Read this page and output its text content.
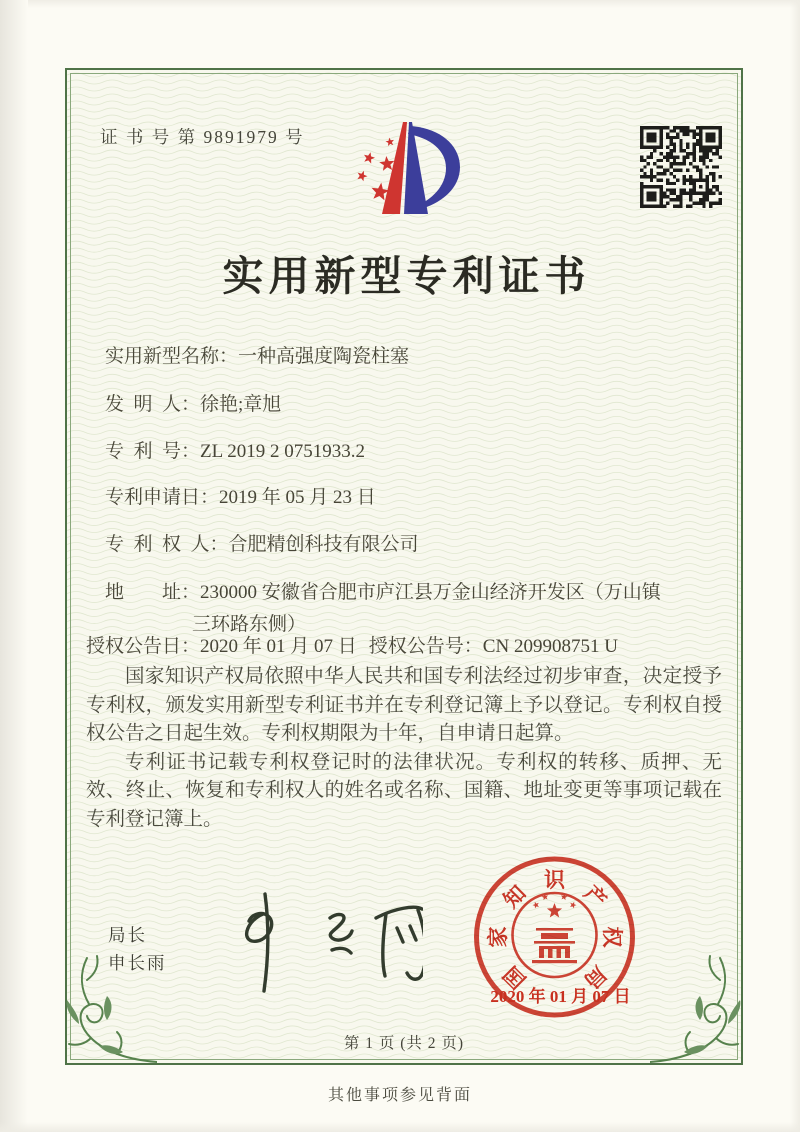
证 书 号 第 9891979 号
实用新型专利证书
实用新型名称：一种高强度陶瓷柱塞
发  明  人：徐艳;章旭
专  利  号：ZL 2019 2 0751933.2
专利申请日：2019 年 05 月 23 日
专  利  权  人：合肥精创科技有限公司
地        址：230000 安徽省合肥市庐江县万金山经济开发区（万山镇
三环路东侧）
授权公告日：2020 年 01 月 07 日 授权公告号：CN 209908751 U

国家知识产权局依照中华人民共和国专利法经过初步审查，决定授予专利权，颁发实用新型专利证书并在专利登记簿上予以登记。专利权自授权公告之日起生效。专利权期限为十年，自申请日起算。

专利证书记载专利权登记时的法律状况。专利权的转移、质押、无效、终止、恢复和专利权人的姓名或名称、国籍、地址变更等事项记载在专利登记簿上。

局长
申长雨	国
家
知
识
产
权
局
2020 年 01 月 07 日
第 1 页 (共 2 页)
其他事项参见背面
